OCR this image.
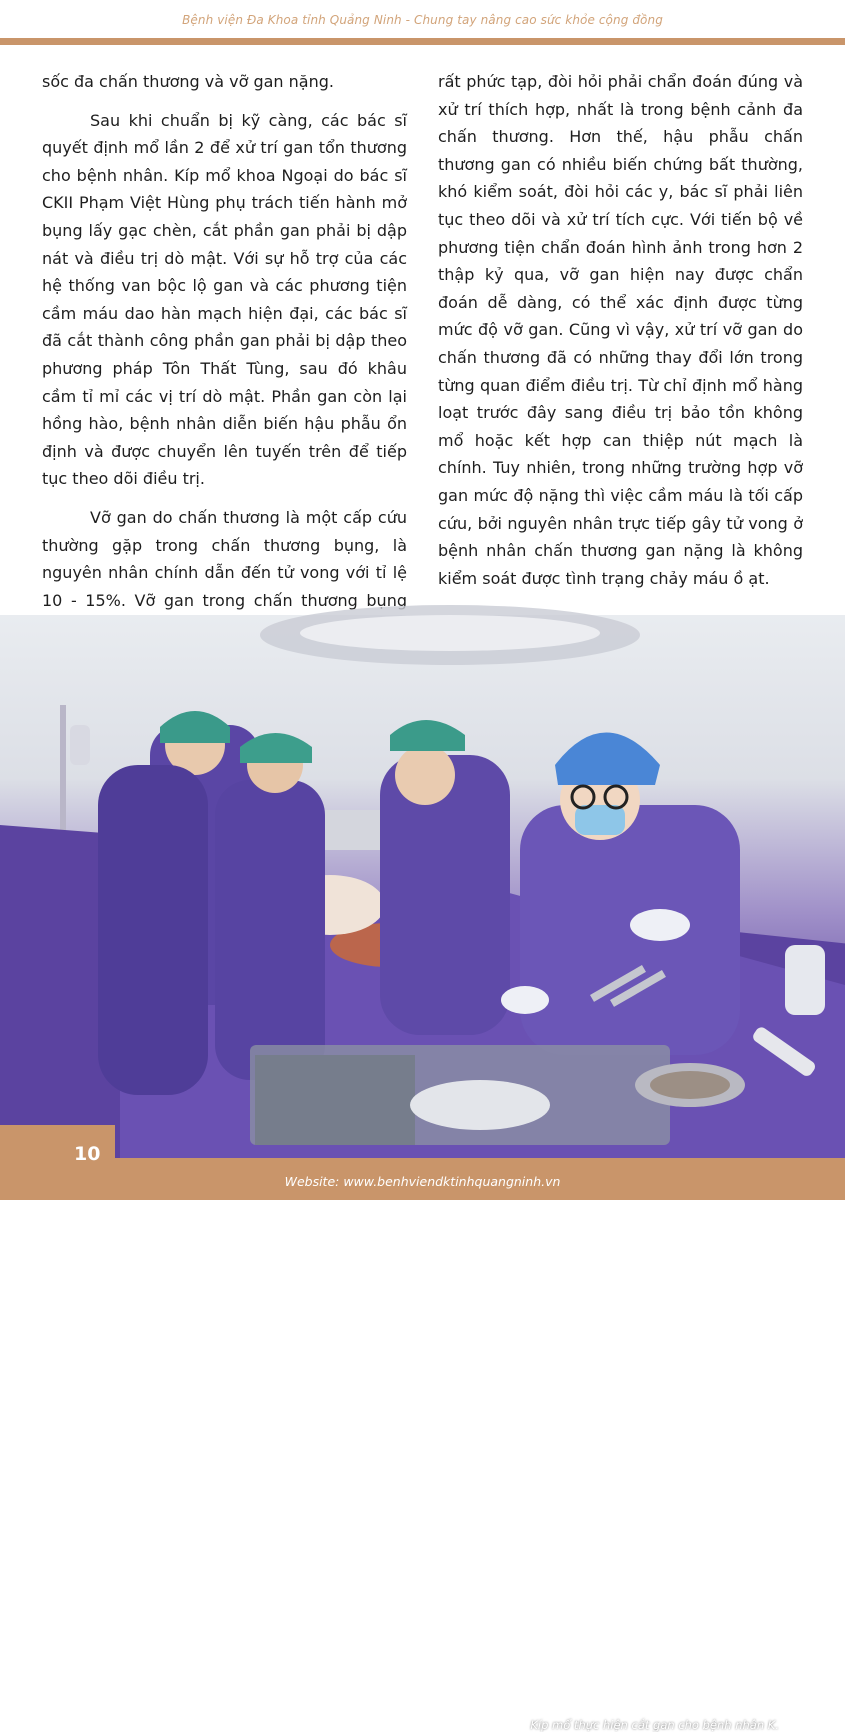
Bệnh viện Đa Khoa tỉnh Quảng Ninh - Chung tay nâng cao sức khỏe cộng đồng

sốc đa chấn thương và vỡ gan nặng.

Sau khi chuẩn bị kỹ càng, các bác sĩ quyết định mổ lần 2 để xử trí gan tổn thương cho bệnh nhân. Kíp mổ khoa Ngoại do bác sĩ CKII Phạm Việt Hùng phụ trách tiến hành mở bụng lấy gạc chèn, cắt phần gan phải bị dập nát và điều trị dò mật. Với sự hỗ trợ của các hệ thống van bộc lộ gan và các phương tiện cầm máu dao hàn mạch hiện đại, các bác sĩ đã cắt thành công phần gan phải bị dập theo phương pháp Tôn Thất Tùng, sau đó khâu cầm tỉ mỉ các vị trí dò mật. Phần gan còn lại hồng hào, bệnh nhân diễn biến hậu phẫu ổn định và được chuyển lên tuyến trên để tiếp tục theo dõi điều trị.

Vỡ gan do chấn thương là một cấp cứu thường gặp trong chấn thương bụng, là nguyên nhân chính dẫn đến tử vong với tỉ lệ 10 - 15%. Vỡ gan trong chấn thương bụng

rất phức tạp, đòi hỏi phải chẩn đoán đúng và xử trí thích hợp, nhất là trong bệnh cảnh đa chấn thương. Hơn thế, hậu phẫu chấn thương gan có nhiều biến chứng bất thường, khó kiểm soát, đòi hỏi các y, bác sĩ phải liên tục theo dõi và xử trí tích cực. Với tiến bộ về phương tiện chẩn đoán hình ảnh trong hơn 2 thập kỷ qua, vỡ gan hiện nay được chẩn đoán dễ dàng, có thể xác định được từng mức độ vỡ gan. Cũng vì vậy, xử trí vỡ gan do chấn thương đã có những thay đổi lớn trong từng quan điểm điều trị. Từ chỉ định mổ hàng loạt trước đây sang điều trị bảo tồn không mổ hoặc kết hợp can thiệp nút mạch là chính. Tuy nhiên, trong những trường hợp vỡ gan mức độ nặng thì việc cầm máu là tối cấp cứu, bởi nguyên nhân trực tiếp gây tử vong ở bệnh nhân chấn thương gan nặng là không kiểm soát được tình trạng chảy máu ồ ạt.

Kíp mổ thực hiện cắt gan cho bệnh nhân K.
10
Website: www.benhviendktinhquangninh.vn
